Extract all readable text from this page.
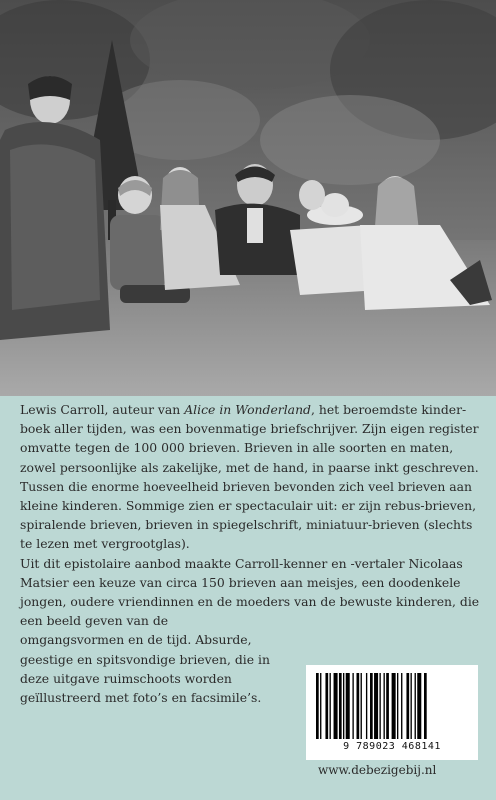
Lewis Carroll, auteur van Alice in Wonderland, het beroemdste kinder-boek aller tijden, was een bovenmatige briefschrijver. Zijn eigen register omvatte tegen de 100 000 brieven. Brieven in alle soorten en maten, zowel persoonlijke als zakelijke, met de hand, in paarse inkt geschreven.

Tussen die enorme hoeveelheid brieven bevonden zich veel brieven aan kleine kinderen. Sommige zien er spectaculair uit: er zijn rebus-brieven, spiralende brieven, brieven in spiegelschrift, miniatuur-brieven (slechts te lezen met vergrootglas).

Uit dit epistolaire aanbod maakte Carroll-kenner en -vertaler Nicolaas Matsier een keuze van circa 150 brieven aan meisjes, een doodenkele jongen, oudere vriendinnen en de moeders van de bewuste kinderen, die een beeld geven van de

omgangsvormen en de tijd. Absurde, geestige en spitsvondige brieven, die in deze uitgave ruimschoots worden geïllustreerd met foto’s en facsimile’s.

9 789023 468141
www.debezigebij.nl
